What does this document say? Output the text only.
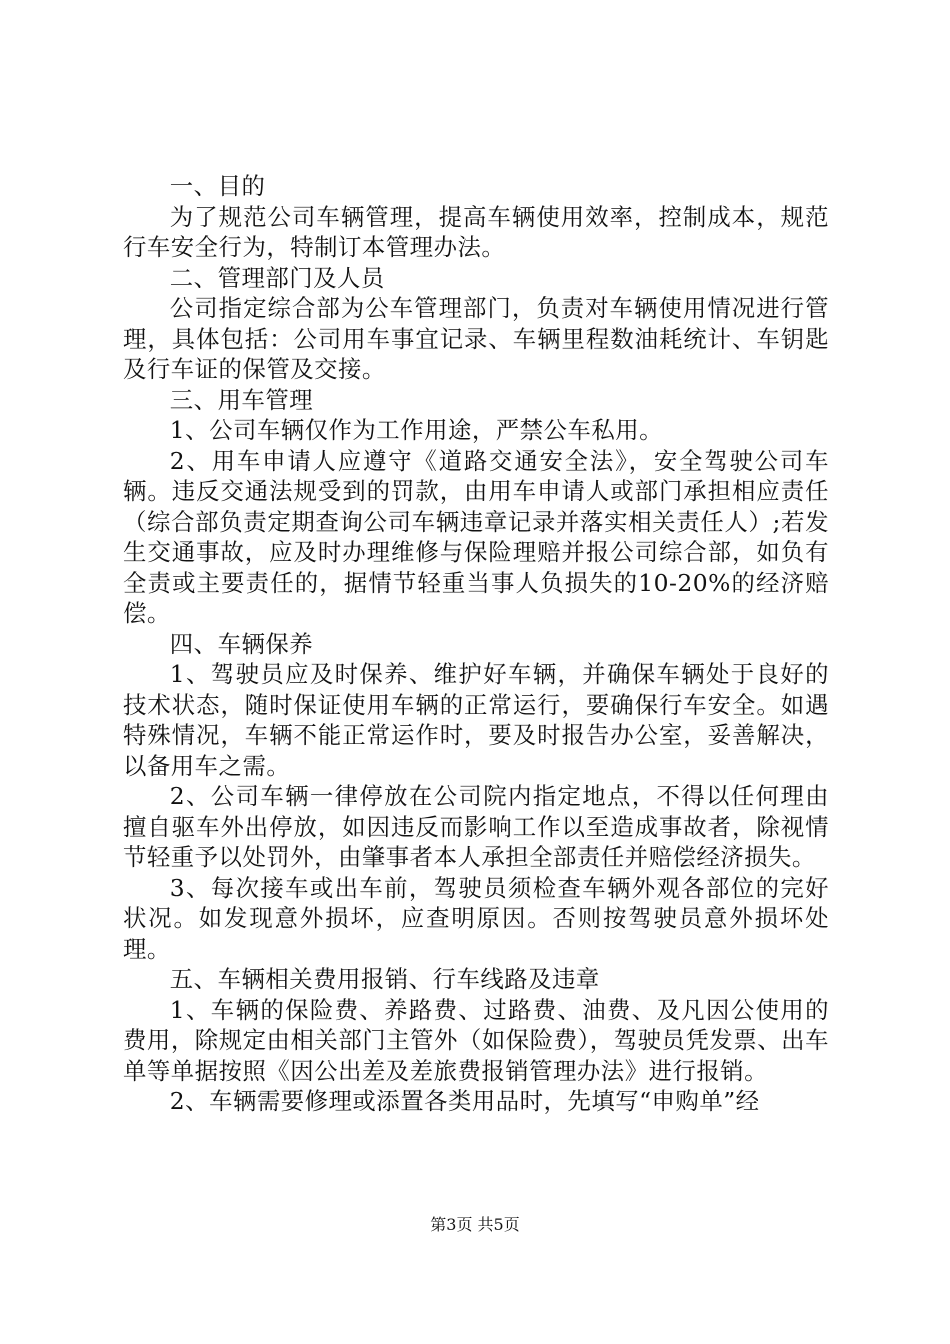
一、目的

为了规范公司车辆管理，提高车辆使用效率，控制成本，规范行车安全行为，特制订本管理办法。

二、管理部门及人员

公司指定综合部为公车管理部门，负责对车辆使用情况进行管理，具体包括：公司用车事宜记录、车辆里程数油耗统计、车钥匙及行车证的保管及交接。

三、用车管理

1、公司车辆仅作为工作用途，严禁公车私用。

2、用车申请人应遵守《道路交通安全法》，安全驾驶公司车辆。违反交通法规受到的罚款，由用车申请人或部门承担相应责任（综合部负责定期查询公司车辆违章记录并落实相关责任人）;若发生交通事故，应及时办理维修与保险理赔并报公司综合部，如负有全责或主要责任的，据情节轻重当事人负损失的10-20%的经济赔偿。

四、车辆保养

1、驾驶员应及时保养、维护好车辆，并确保车辆处于良好的技术状态，随时保证使用车辆的正常运行，要确保行车安全。如遇特殊情况，车辆不能正常运作时，要及时报告办公室，妥善解决，以备用车之需。

2、公司车辆一律停放在公司院内指定地点，不得以任何理由擅自驱车外出停放，如因违反而影响工作以至造成事故者，除视情节轻重予以处罚外，由肇事者本人承担全部责任并赔偿经济损失。

3、每次接车或出车前，驾驶员须检查车辆外观各部位的完好状况。如发现意外损坏，应查明原因。否则按驾驶员意外损坏处理。

五、车辆相关费用报销、行车线路及违章

1、车辆的保险费、养路费、过路费、油费、及凡因公使用的费用，除规定由相关部门主管外（如保险费），驾驶员凭发票、出车单等单据按照《因公出差及差旅费报销管理办法》进行报销。

2、车辆需要修理或添置各类用品时，先填写“申购单”经

第3页 共5页
